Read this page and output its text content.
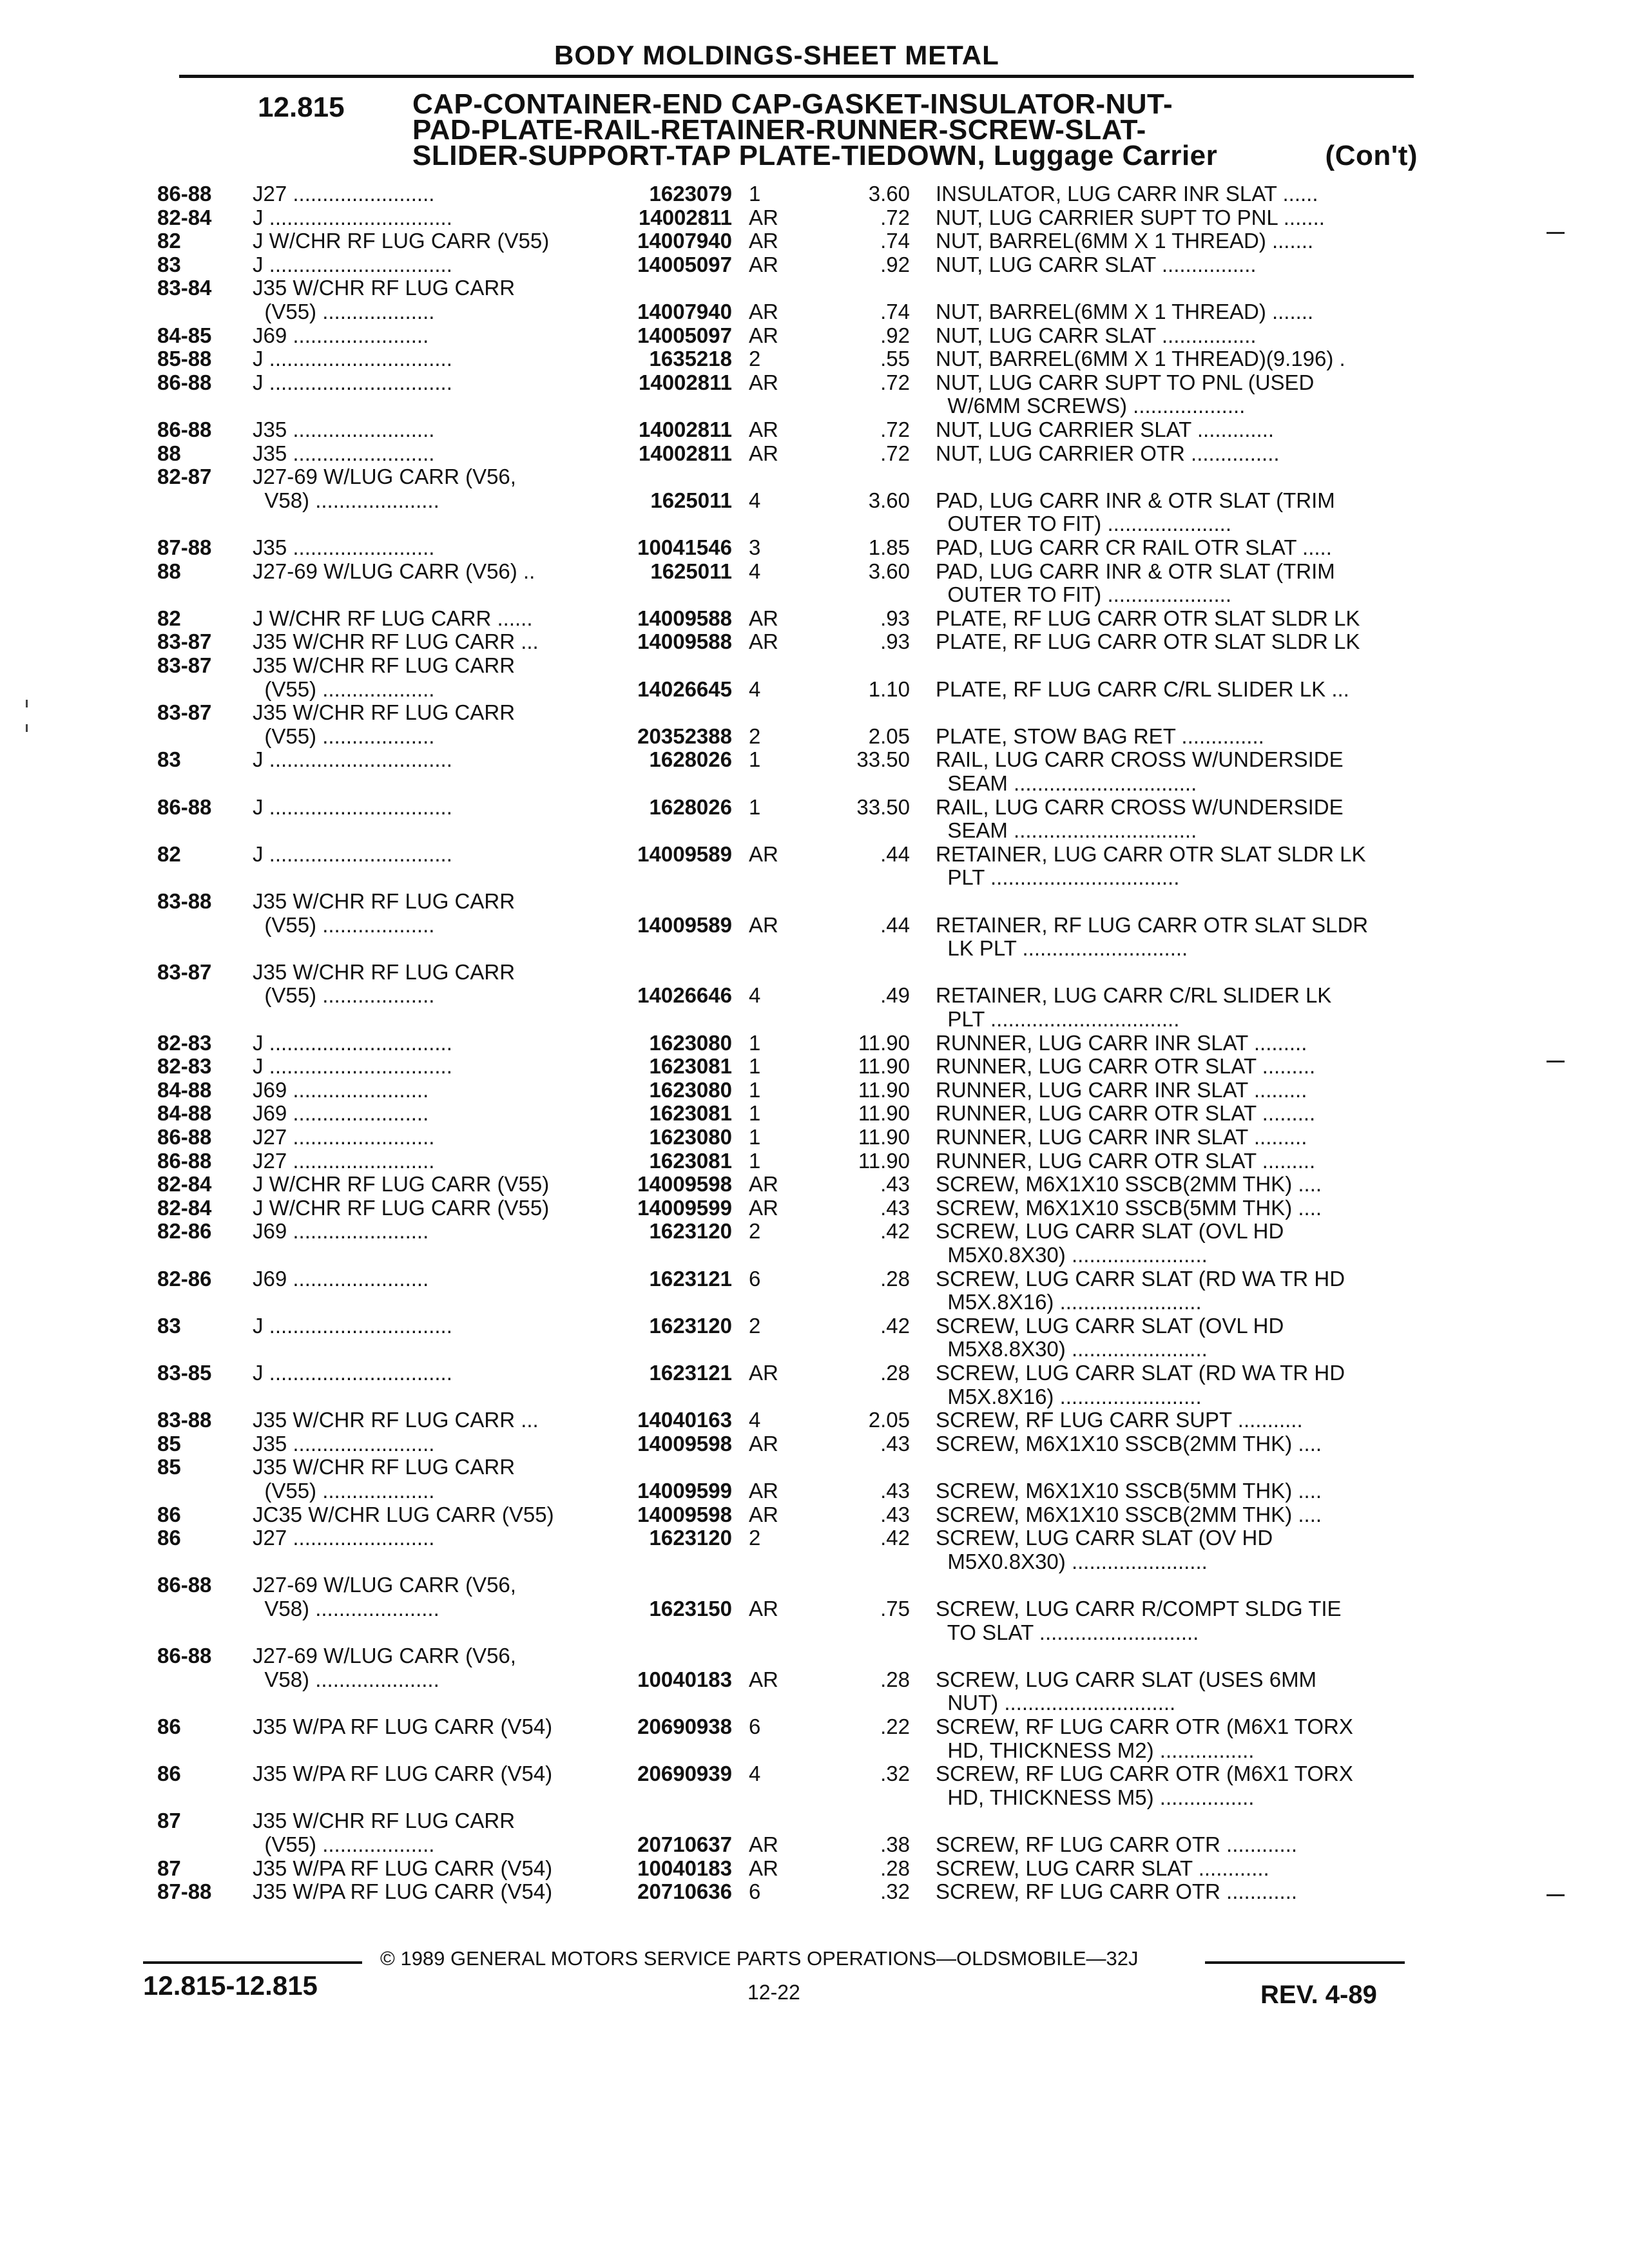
BODY MOLDINGS-SHEET METAL
12.815 CAP-CONTAINER-END CAP-GASKET-INSULATOR-NUT-
PAD-PLATE-RAIL-RETAINER-RUNNER-SCREW-SLAT-
SLIDER-SUPPORT-TAP PLATE-TIEDOWN, Luggage Carrier	(Con't)
86-88 J27 ........................	1623079 1	3.60 INSULATOR, LUG CARR INR SLAT ......
82-84 J ...............................	14002811 AR	.72 NUT, LUG CARRIER SUPT TO PNL .......
82	J W/CHR RF LUG CARR (V55)	14007940 AR	.74 NUT, BARREL(6MM X 1 THREAD) .......
83	J ...............................	14005097 AR	.92 NUT, LUG CARR SLAT ................
83-84 J35 W/CHR RF LUG CARR
(V55) ...................	14007940 AR	.74 NUT, BARREL(6MM X 1 THREAD) .......
84-85 J69 .......................	14005097 AR	.92 NUT, LUG CARR SLAT ................
85-88 J ...............................	1635218 2	.55 NUT, BARREL(6MM X 1 THREAD)(9.196) .
86-88 J ...............................	14002811 AR	.72 NUT, LUG CARR SUPT TO PNL (USED
W/6MM SCREWS) ...................
86-88 J35 ........................	14002811 AR	.72 NUT, LUG CARRIER SLAT .............
88	J35 ........................	14002811 AR	.72 NUT, LUG CARRIER OTR ...............
82-87 J27-69 W/LUG CARR (V56,
V58) .....................	1625011 4	3.60 PAD, LUG CARR INR & OTR SLAT (TRIM
OUTER TO FIT) .....................
87-88 J35 ........................	10041546 3	1.85 PAD, LUG CARR CR RAIL OTR SLAT .....
88	J27-69 W/LUG CARR (V56) ..	1625011 4	3.60 PAD, LUG CARR INR & OTR SLAT (TRIM
OUTER TO FIT) .....................
82	J W/CHR RF LUG CARR ......	14009588 AR	.93 PLATE, RF LUG CARR OTR SLAT SLDR LK
83-87 J35 W/CHR RF LUG CARR ...	14009588 AR	.93 PLATE, RF LUG CARR OTR SLAT SLDR LK
83-87 J35 W/CHR RF LUG CARR
(V55) ...................	14026645 4	1.10 PLATE, RF LUG CARR C/RL SLIDER LK ...
83-87 J35 W/CHR RF LUG CARR
(V55) ...................	20352388 2	2.05 PLATE, STOW BAG RET ..............
83	J ...............................	1628026 1	33.50 RAIL, LUG CARR CROSS W/UNDERSIDE
SEAM ...............................
86-88 J ...............................	1628026 1	33.50 RAIL, LUG CARR CROSS W/UNDERSIDE
SEAM ...............................
82	J ...............................	14009589 AR	.44 RETAINER, LUG CARR OTR SLAT SLDR LK
PLT ................................
83-88 J35 W/CHR RF LUG CARR
(V55) ...................	14009589 AR	.44 RETAINER, RF LUG CARR OTR SLAT SLDR
LK PLT ............................
83-87 J35 W/CHR RF LUG CARR
(V55) ...................	14026646 4	.49 RETAINER, LUG CARR C/RL SLIDER LK
PLT ................................
82-83 J ...............................	1623080 1	11.90 RUNNER, LUG CARR INR SLAT .........
82-83 J ...............................	1623081 1	11.90 RUNNER, LUG CARR OTR SLAT .........
84-88 J69 .......................	1623080 1	11.90 RUNNER, LUG CARR INR SLAT .........
84-88 J69 .......................	1623081 1	11.90 RUNNER, LUG CARR OTR SLAT .........
86-88 J27 ........................	1623080 1	11.90 RUNNER, LUG CARR INR SLAT .........
86-88 J27 ........................	1623081 1	11.90 RUNNER, LUG CARR OTR SLAT .........
82-84 J W/CHR RF LUG CARR (V55)	14009598 AR	.43 SCREW, M6X1X10 SSCB(2MM THK) ....
82-84 J W/CHR RF LUG CARR (V55)	14009599 AR	.43 SCREW, M6X1X10 SSCB(5MM THK) ....
82-86 J69 .......................	1623120 2	.42 SCREW, LUG CARR SLAT (OVL HD
M5X0.8X30) .......................
82-86 J69 .......................	1623121 6	.28 SCREW, LUG CARR SLAT (RD WA TR HD
M5X.8X16) ........................
83	J ...............................	1623120 2	.42 SCREW, LUG CARR SLAT (OVL HD
M5X8.8X30) .......................
83-85 J ...............................	1623121 AR	.28 SCREW, LUG CARR SLAT (RD WA TR HD
M5X.8X16) ........................
83-88 J35 W/CHR RF LUG CARR ...	14040163 4	2.05 SCREW, RF LUG CARR SUPT ...........
85	J35 ........................	14009598 AR	.43 SCREW, M6X1X10 SSCB(2MM THK) ....
85	J35 W/CHR RF LUG CARR
(V55) ...................	14009599 AR	.43 SCREW, M6X1X10 SSCB(5MM THK) ....
86	JC35 W/CHR LUG CARR (V55)	14009598 AR	.43 SCREW, M6X1X10 SSCB(2MM THK) ....
86	J27 ........................	1623120 2	.42 SCREW, LUG CARR SLAT (OV HD
M5X0.8X30) .......................
86-88 J27-69 W/LUG CARR (V56,
V58) .....................	1623150 AR	.75 SCREW, LUG CARR R/COMPT SLDG TIE
TO SLAT ...........................
86-88 J27-69 W/LUG CARR (V56,
V58) .....................	10040183 AR	.28 SCREW, LUG CARR SLAT (USES 6MM
NUT) .............................
86	J35 W/PA RF LUG CARR (V54)	20690938 6	.22 SCREW, RF LUG CARR OTR (M6X1 TORX
HD, THICKNESS M2) ................
86	J35 W/PA RF LUG CARR (V54)	20690939 4	.32 SCREW, RF LUG CARR OTR (M6X1 TORX
HD, THICKNESS M5) ................
87	J35 W/CHR RF LUG CARR
(V55) ...................	20710637 AR	.38 SCREW, RF LUG CARR OTR ............
87	J35 W/PA RF LUG CARR (V54)	10040183 AR	.28 SCREW, LUG CARR SLAT ............
87-88 J35 W/PA RF LUG CARR (V54)	20710636 6	.32 SCREW, RF LUG CARR OTR ............
© 1989 GENERAL MOTORS SERVICE PARTS OPERATIONS—OLDSMOBILE—32J
12.815-12.815	12-22	REV. 4-89
